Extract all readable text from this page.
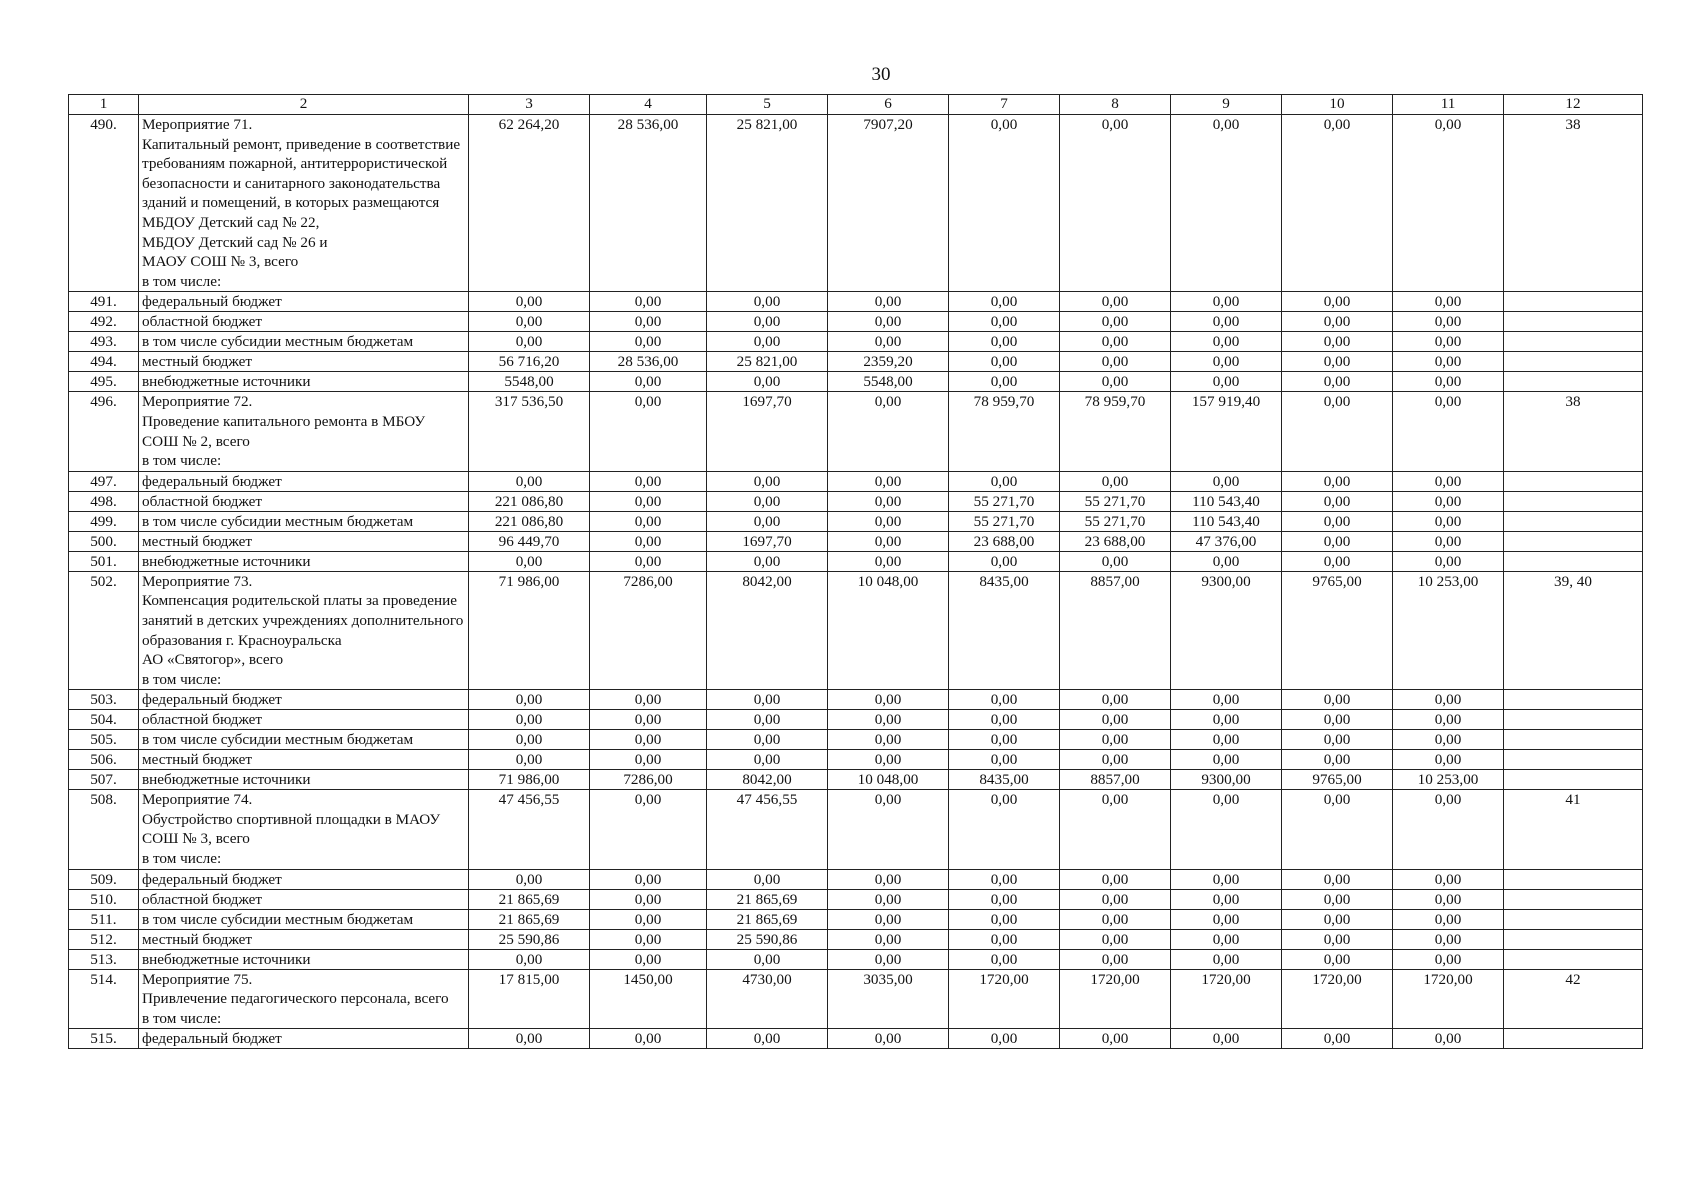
30
1	2	3	4	5	6	7	8	9	10	11	12
490.	Мероприятие 71.
Капитальный ремонт, приведение в соответствие требованиям пожарной, антитеррористической безопасности и санитарного законодательства зданий и помещений, в которых размещаются МБДОУ Детский сад № 22,
МБДОУ Детский сад № 26 и
МАОУ СОШ № 3, всего
в том числе:	62 264,20	28 536,00	25 821,00	7907,20	0,00	0,00	0,00	0,00	0,00	38
491.	федеральный бюджет	0,00	0,00	0,00	0,00	0,00	0,00	0,00	0,00	0,00	
492.	областной бюджет	0,00	0,00	0,00	0,00	0,00	0,00	0,00	0,00	0,00	
493.	в том числе субсидии местным бюджетам	0,00	0,00	0,00	0,00	0,00	0,00	0,00	0,00	0,00	
494.	местный бюджет	56 716,20	28 536,00	25 821,00	2359,20	0,00	0,00	0,00	0,00	0,00	
495.	внебюджетные источники	5548,00	0,00	0,00	5548,00	0,00	0,00	0,00	0,00	0,00	
496.	Мероприятие 72.
Проведение капитального ремонта в МБОУ СОШ № 2, всего
в том числе:	317 536,50	0,00	1697,70	0,00	78 959,70	78 959,70	157 919,40	0,00	0,00	38
497.	федеральный бюджет	0,00	0,00	0,00	0,00	0,00	0,00	0,00	0,00	0,00	
498.	областной бюджет	221 086,80	0,00	0,00	0,00	55 271,70	55 271,70	110 543,40	0,00	0,00	
499.	в том числе субсидии местным бюджетам	221 086,80	0,00	0,00	0,00	55 271,70	55 271,70	110 543,40	0,00	0,00	
500.	местный бюджет	96 449,70	0,00	1697,70	0,00	23 688,00	23 688,00	47 376,00	0,00	0,00	
501.	внебюджетные источники	0,00	0,00	0,00	0,00	0,00	0,00	0,00	0,00	0,00	
502.	Мероприятие 73.
Компенсация родительской платы за проведение занятий в детских учреждениях дополнительного образования г. Красноуральска
АО «Святогор», всего
в том числе:	71 986,00	7286,00	8042,00	10 048,00	8435,00	8857,00	9300,00	9765,00	10 253,00	39, 40
503.	федеральный бюджет	0,00	0,00	0,00	0,00	0,00	0,00	0,00	0,00	0,00	
504.	областной бюджет	0,00	0,00	0,00	0,00	0,00	0,00	0,00	0,00	0,00	
505.	в том числе субсидии местным бюджетам	0,00	0,00	0,00	0,00	0,00	0,00	0,00	0,00	0,00	
506.	местный бюджет	0,00	0,00	0,00	0,00	0,00	0,00	0,00	0,00	0,00	
507.	внебюджетные источники	71 986,00	7286,00	8042,00	10 048,00	8435,00	8857,00	9300,00	9765,00	10 253,00	
508.	Мероприятие 74.
Обустройство спортивной площадки в МАОУ СОШ № 3, всего
в том числе:	47 456,55	0,00	47 456,55	0,00	0,00	0,00	0,00	0,00	0,00	41
509.	федеральный бюджет	0,00	0,00	0,00	0,00	0,00	0,00	0,00	0,00	0,00	
510.	областной бюджет	21 865,69	0,00	21 865,69	0,00	0,00	0,00	0,00	0,00	0,00	
511.	в том числе субсидии местным бюджетам	21 865,69	0,00	21 865,69	0,00	0,00	0,00	0,00	0,00	0,00	
512.	местный бюджет	25 590,86	0,00	25 590,86	0,00	0,00	0,00	0,00	0,00	0,00	
513.	внебюджетные источники	0,00	0,00	0,00	0,00	0,00	0,00	0,00	0,00	0,00	
514.	Мероприятие 75.
Привлечение педагогического персонала, всего
в том числе:	17 815,00	1450,00	4730,00	3035,00	1720,00	1720,00	1720,00	1720,00	1720,00	42
515.	федеральный бюджет	0,00	0,00	0,00	0,00	0,00	0,00	0,00	0,00	0,00	
